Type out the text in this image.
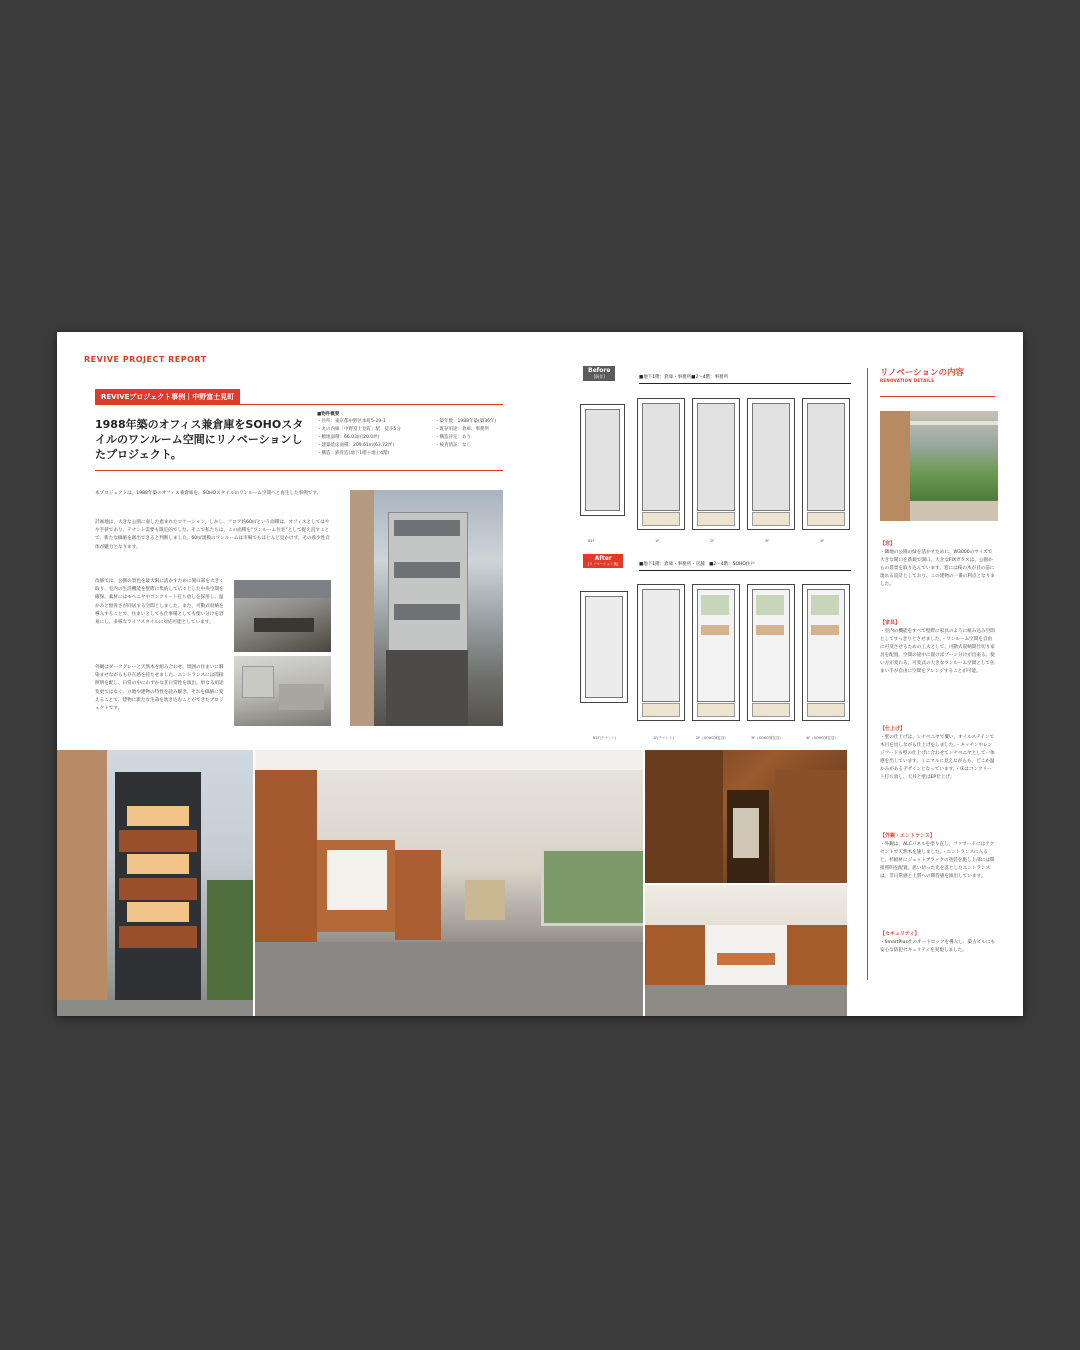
REVIVE PROJECT REPORT
REVIVEプロジェクト事例｜中野富士見町

1988年築のオフィス兼倉庫をSOHOスタイルのワンルーム空間にリノベーションしたプロジェクト。

■物件概要
・住所：東京都中野区本町5-29-1
・丸の内線「中野富士見町」駅　徒歩5分
・敷地面積：66.03㎡(20.0坪)
・建築延床面積：209.61㎡(63.72坪)
・構造：鉄骨造(地下1階＋地上4階)
・築年数：1988年築(築36年)
・既存用途：倉庫、事務所
・構造評定：あり
・検査済証：なし

本プロジェクトは、1988年築のオフィス兼倉庫を、SOHOスタイルのワンルーム空間へと再生した事例です。

計画地は、大きな公園に面した恵まれたロケーション。しかし、フロア約60㎡という面積は、オフィスとしてはやや手狭であり、テナント需要も限定的でした。そこで私たちは、この面積を“ワンルーム住宅”として捉え直すことで、新たな価値を創出できると判断しました。60㎡規模のワンルームは市場でもほとんど見かけず、その希少性自体が魅力となります。

改修では、公園の景色を最大限に活かすために開口部を大きく取り、室内の生活機能を壁際に集約して広々とした中央空間を確保。素材にはモヘニヤやコンクリート打ち放しを採用し、温かみと無骨さが同居する空間としました。また、可動式収納を導入することで、住まいとしても仕事場としても使い分けを容易にし、多様なライフスタイルに対応可能としています。

外観はダークグレーと天然木を組み合わせ、周囲の住まいに馴染ませながらも存在感を持たせました。エントランスには間接照明を配し、日常の中にわずかな非日常性を演出。単なる用途変更ではなく、立地や建物の特性を読み解き、それを価値に変えることで、建物に新たな生命を吹き込むことができたプロジェクトです。

Before
[既存]	■地下1階：倉庫・事務所■2〜4階：事務所
B1F	1F	2F	3F	4F
After
[リノベーション後]	■地下1階：倉庫・事務所・店舗　■2〜4階：SOHO住戸
B1F(テナント)	1F(テナント)	2F（SOHO賃住居）	3F（SOHO賃住居）	4F（SOHO賃住居）
リノベーションの内容
RENOVATION DETAILS

【窓】

・隣地の公園の緑を活かすために、W3000のサイズで大きな開口を新規で開口。大きなFIXガラスは、公園からの借景を取り込んでいます。窓には桜の木が目の前に現れる設計としており、この建物の一番の利点となりました。

【家具】

・室内の機能をすべて壁際に家具のように組み込み空間としてすっきりとさせました。・ワンルーム空間を自由に可変させるための工夫として、可動式収納間仕切り家具を配置。空間の途中に置けばゾーン分けが出来る。使い方が変わる、可変式の大きなワンルーム空間として住まい手が自由に空間をアレンジすることが可能。

【仕上げ】

・壁の仕上げは、シナベニヤで覆い、オイルステインで木目を出しながら仕上げをしました。・キッチンやレンジフードも壁の仕上げに合わせてシナベニヤとして一体感を出しています。ミニマルに見えながらも、どこか温かみがあるデザインとなっています。・床はコンクリート打ち放し、天井と壁はEP仕上げ。

【外観・エントランス】

・外観は、ALCパネルを塗り直し、ファサードにはアクセントで天然木を施しました。・エントランスに入ると、杉板材にジェットブラックの塗装を施し上部には間接照明を配置。思い切った光を落としたエントランスは、非日常感と上質への期待感を演出しています。

【セキュリティ】

・SmartPlus社のオートロックを導入し、築古ビルにも安心な防犯セキュリティを実現しました。
